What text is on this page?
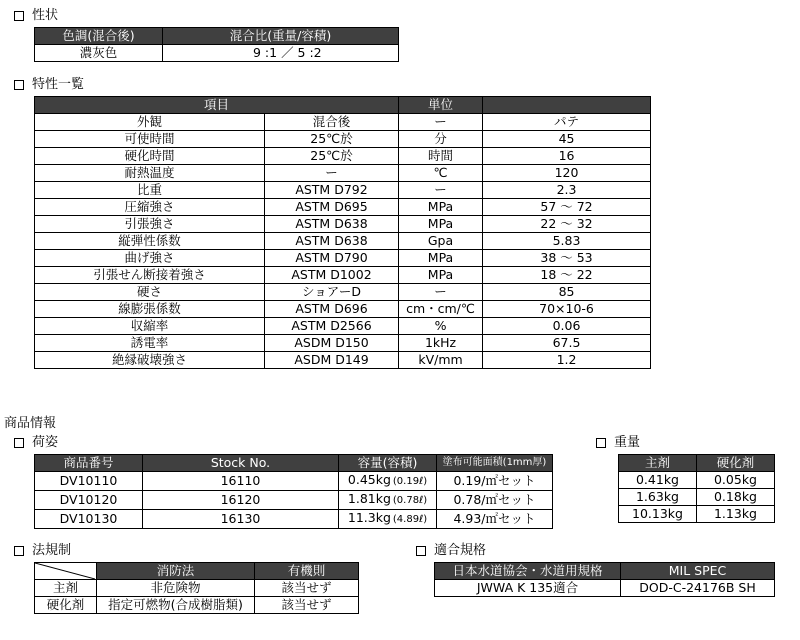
性状
色調(混合後)	混合比(重量/容積)
濃灰色	9 :1 ／ 5 :2
特性一覧
項目		単位	
外観	混合後	ー	パテ
可使時間	25℃於	分	45
硬化時間	25℃於	時間	16
耐熱温度	ー	℃	120
比重	ASTM D792	ー	2.3
圧縮強さ	ASTM D695	MPa	57 ～ 72
引張強さ	ASTM D638	MPa	22 ～ 32
縦弾性係数	ASTM D638	Gpa	5.83
曲げ強さ	ASTM D790	MPa	38 ～ 53
引張せん断接着強さ	ASTM D1002	MPa	18 ～ 22
硬さ	ショアーD	ー	85
線膨張係数	ASTM D696	cm・cm/℃	70×10-6
収縮率	ASTM D2566	%	0.06
誘電率	ASDM D150	1kHz	67.5
絶縁破壊強さ	ASDM D149	kV/mm	1.2
商品情報
荷姿
商品番号	Stock No.	容量(容積)	塗布可能面積(1mm厚)
DV10110	16110	0.45kg (0.19ℓ)	0.19/㎡セット
DV10120	16120	1.81kg (0.78ℓ)	0.78/㎡セット
DV10130	16130	11.3kg (4.89ℓ)	4.93/㎡セット
重量
主剤	硬化剤
0.41kg	0.05kg
1.63kg	0.18kg
10.13kg	1.13kg
法規制
	消防法	有機則
主剤	非危険物	該当せず
硬化剤	指定可燃物(合成樹脂類)	該当せず
適合規格
日本水道協会・水道用規格	MIL SPEC
JWWA K 135適合	DOD-C-24176B SH
